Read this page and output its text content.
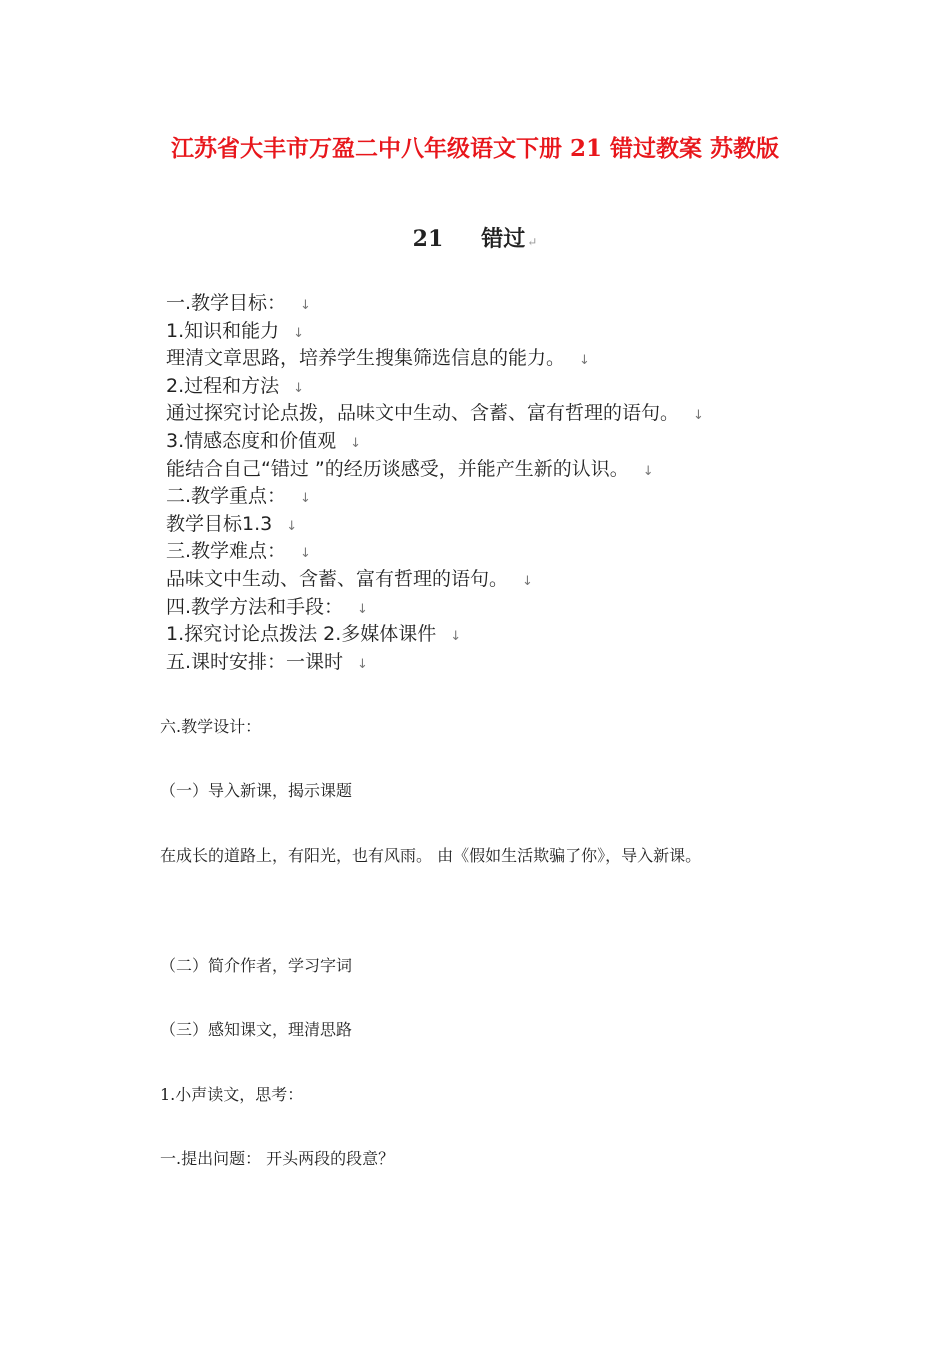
江苏省大丰市万盈二中八年级语文下册 21 错过教案 苏教版
21 错过 ↵
一.教学目标： ↓
1.知识和能力 ↓
理清文章思路，培养学生搜集筛选信息的能力。 ↓
2.过程和方法 ↓
通过探究讨论点拨，品味文中生动、含蓄、富有哲理的语句。 ↓
3.情感态度和价值观 ↓
能结合自己“错过 ”的经历谈感受，并能产生新的认识。 ↓
二.教学重点： ↓
教学目标1.3 ↓
三.教学难点： ↓
品味文中生动、含蓄、富有哲理的语句。 ↓
四.教学方法和手段： ↓
1.探究讨论点拨法 2.多媒体课件 ↓
五.课时安排：一课时 ↓

六.教学设计：

（一）导入新课，揭示课题

在成长的道路上，有阳光，也有风雨。 由《假如生活欺骗了你》，导入新课。

（二）简介作者，学习字词

（三）感知课文，理清思路

1.小声读文，思考：

一.提出问题： 开头两段的段意？
